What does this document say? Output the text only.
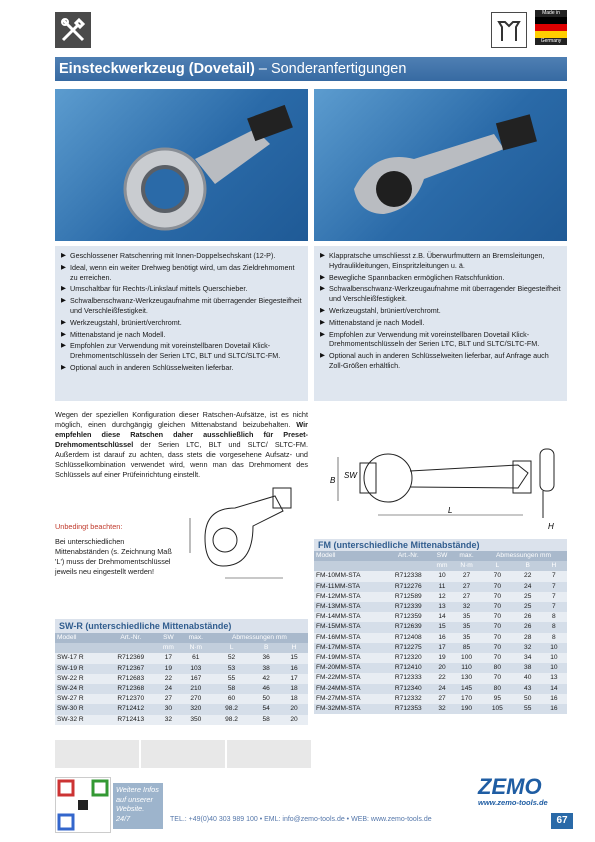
Made in
Germany
Einsteckwerkzeug (Dovetail) – Sonderanfertigungen
▶ Geschlossener Ratschenring mit Innen-Doppelsechskant (12-P).
▶ Ideal, wenn ein weiter Drehweg benötigt wird, um das Zieldrehmoment zu erreichen.
▶ Umschaltbar für Rechts-/Linkslauf mittels Querschieber.
▶ Schwalbenschwanz-Werkzeugaufnahme mit überragender Biegesteifheit und Verschleißfestigkeit.
▶ Werkzeugstahl, brüniert/verchromt.
▶ Mittenabstand je nach Modell.
▶ Empfohlen zur Verwendung mit voreinstellbaren Dovetail Klick-Drehmomentschlüsseln der Serien LTC, BLT und SLTC/SLTC-FM.
▶ Optional auch in anderen Schlüsselweiten lieferbar.
▶ Klappratsche umschliesst z.B. Überwurfmuttern an Bremsleitungen, Hydraulikleitungen, Einspritzleitungen u. ä.
▶ Bewegliche Spannbacken ermöglichen Ratschfunktion.
▶ Schwalbenschwanz-Werkzeugaufnahme mit überragender Biegesteifheit und Verschleißfestigkeit.
▶ Werkzeugstahl, brüniert/verchromt.
▶ Mittenabstand je nach Modell.
▶ Empfohlen zur Verwendung mit voreinstellbaren Dovetail Klick-Drehmomentschlüsseln der Serien LTC, BLT und SLTC/SLTC-FM.
▶ Optional auch in anderen Schlüsselweiten lieferbar, auf Anfrage auch Zoll-Größen erhältlich.
Wegen der speziellen Konfiguration dieser Ratschen-Aufsätze, ist es nicht möglich, einen durchgängig gleichen Mittenabstand beizubehalten. Wir empfehlen diese Ratschen daher ausschließlich für Preset-Drehmomentschlüssel der Serien LTC, BLT und SLTC/ SLTC-FM. Außerdem ist darauf zu achten, dass stets die vorgesehene Aufsatz- und Schlüsselkombination verwendet wird, wenn man das Drehmoment des Schlüssels auf einer Prüfeinrichtung einstellt.
Unbedingt beachten:
Bei unterschiedlichen Mittenabständen (s. Zeichnung Maß 'L') muss der Drehmomentschlüssel jeweils neu eingestellt werden!
SW
B
L
H
SW-R (unterschiedliche Mittenabstände)
Modell	Art.-Nr.	SW	max.	Abmessungen mm		
		mm	N·m	L	B	H
SW-17 R	R712369	17	61	52	36	15
SW-19 R	R712367	19	103	53	38	16
SW-22 R	R712683	22	167	55	42	17
SW-24 R	R712368	24	210	58	46	18
SW-27 R	R712370	27	270	60	50	18
SW-30 R	R712412	30	320	98.2	54	20
SW-32 R	R712413	32	350	98.2	58	20
FM (unterschiedliche Mittenabstände)
Modell	Art.-Nr.	SW	max.	Abmessungen mm		
		mm	N·m	L	B	H
FM-10MM-STA	R712338	10	27	70	22	7
FM-11MM-STA	R712276	11	27	70	24	7
FM-12MM-STA	R712589	12	27	70	25	7
FM-13MM-STA	R712339	13	32	70	25	7
FM-14MM-STA	R712359	14	35	70	26	8
FM-15MM-STA	R712639	15	35	70	26	8
FM-16MM-STA	R712408	16	35	70	28	8
FM-17MM-STA	R712275	17	85	70	32	10
FM-19MM-STA	R712320	19	100	70	34	10
FM-20MM-STA	R712410	20	110	80	38	10
FM-22MM-STA	R712333	22	130	70	40	13
FM-24MM-STA	R712340	24	145	80	43	14
FM-27MM-STA	R712332	27	170	95	50	16
FM-32MM-STA	R712353	32	190	105	55	16
Weitere Infos auf unserer Website. 24/7	TEL.: +49(0)40 303 989 100 • EML: info@zemo-tools.de • WEB: www.zemo-tools.de
ZEMO
www.zemo-tools.de
67
